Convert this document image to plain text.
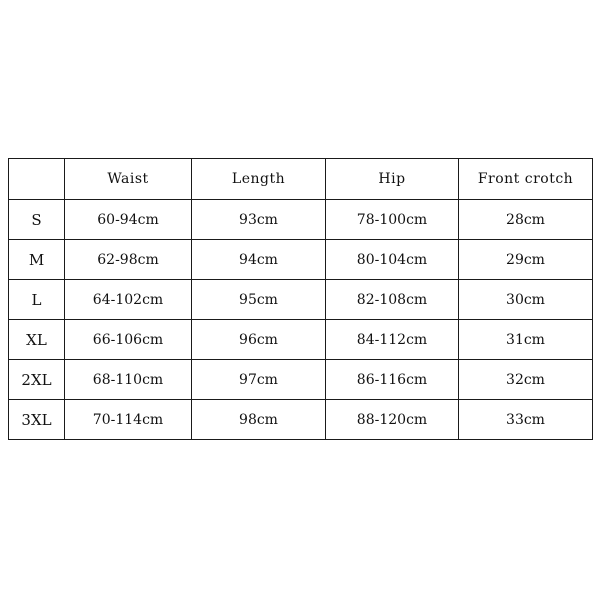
	Waist	Length	Hip	Front crotch
S	60-94cm	93cm	78-100cm	28cm
M	62-98cm	94cm	80-104cm	29cm
L	64-102cm	95cm	82-108cm	30cm
XL	66-106cm	96cm	84-112cm	31cm
2XL	68-110cm	97cm	86-116cm	32cm
3XL	70-114cm	98cm	88-120cm	33cm
